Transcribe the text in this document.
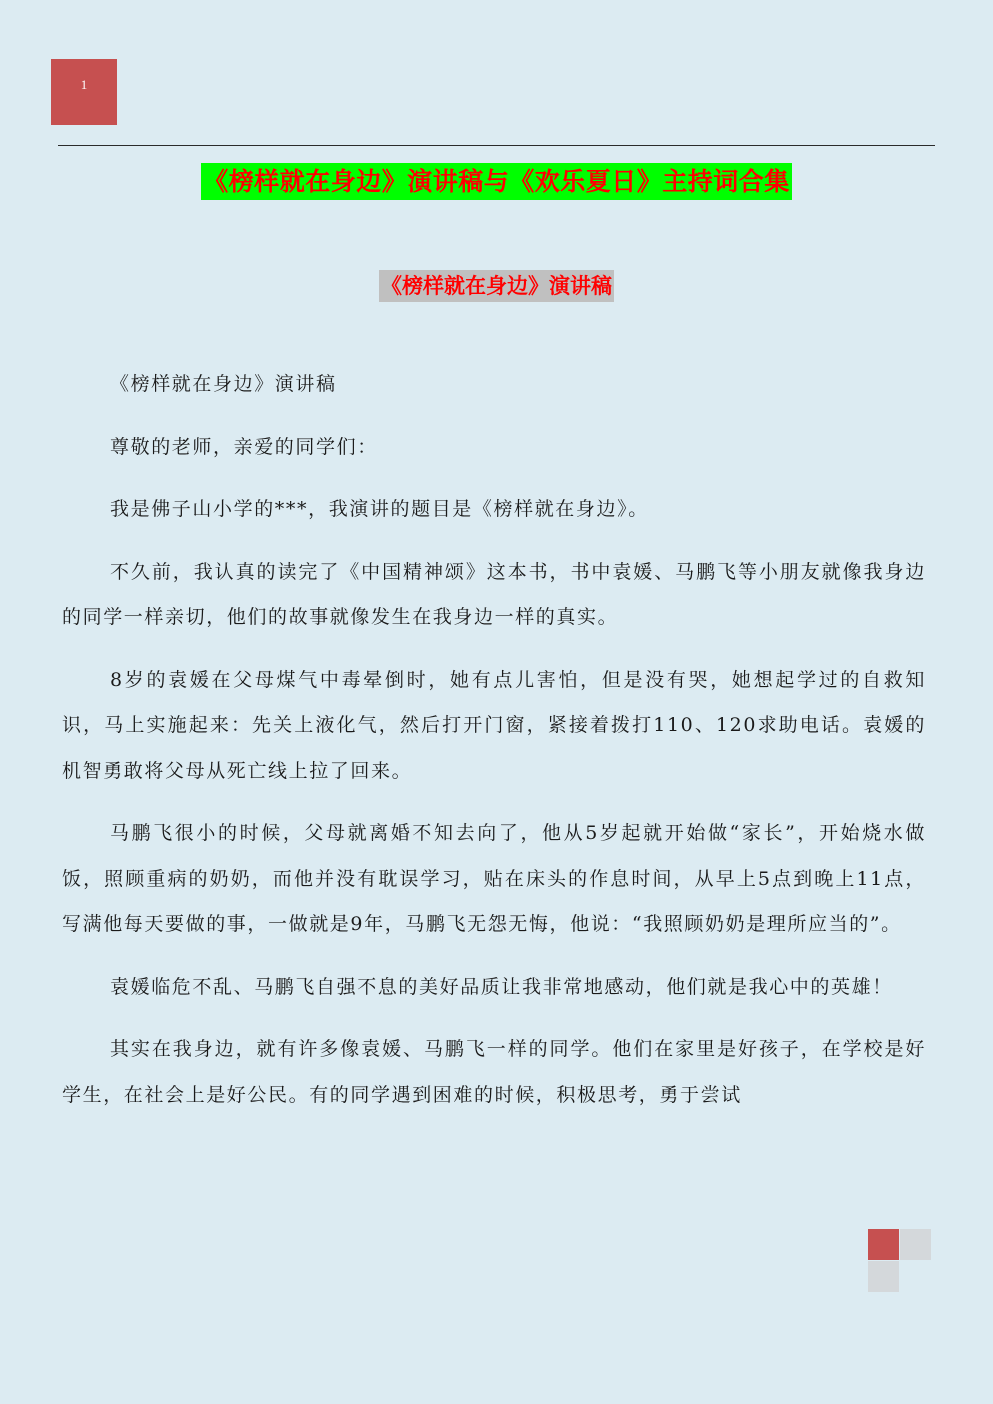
1
《榜样就在身边》演讲稿与《欢乐夏日》主持词合集
《榜样就在身边》演讲稿

《榜样就在身边》演讲稿

尊敬的老师，亲爱的同学们：

我是佛子山小学的***，我演讲的题目是《榜样就在身边》。

不久前，我认真的读完了《中国精神颂》这本书，书中袁媛、马鹏飞等小朋友就像我身边的同学一样亲切，他们的故事就像发生在我身边一样的真实。

8岁的袁媛在父母煤气中毒晕倒时，她有点儿害怕，但是没有哭，她想起学过的自救知识，马上实施起来：先关上液化气，然后打开门窗，紧接着拨打110、120求助电话。袁媛的机智勇敢将父母从死亡线上拉了回来。

马鹏飞很小的时候，父母就离婚不知去向了，他从5岁起就开始做“家长”，开始烧水做饭，照顾重病的奶奶，而他并没有耽误学习，贴在床头的作息时间，从早上5点到晚上11点，写满他每天要做的事，一做就是9年，马鹏飞无怨无悔，他说：“我照顾奶奶是理所应当的”。

袁媛临危不乱、马鹏飞自强不息的美好品质让我非常地感动，他们就是我心中的英雄！

其实在我身边，就有许多像袁媛、马鹏飞一样的同学。他们在家里是好孩子，在学校是好学生，在社会上是好公民。有的同学遇到困难的时候，积极思考，勇于尝试
